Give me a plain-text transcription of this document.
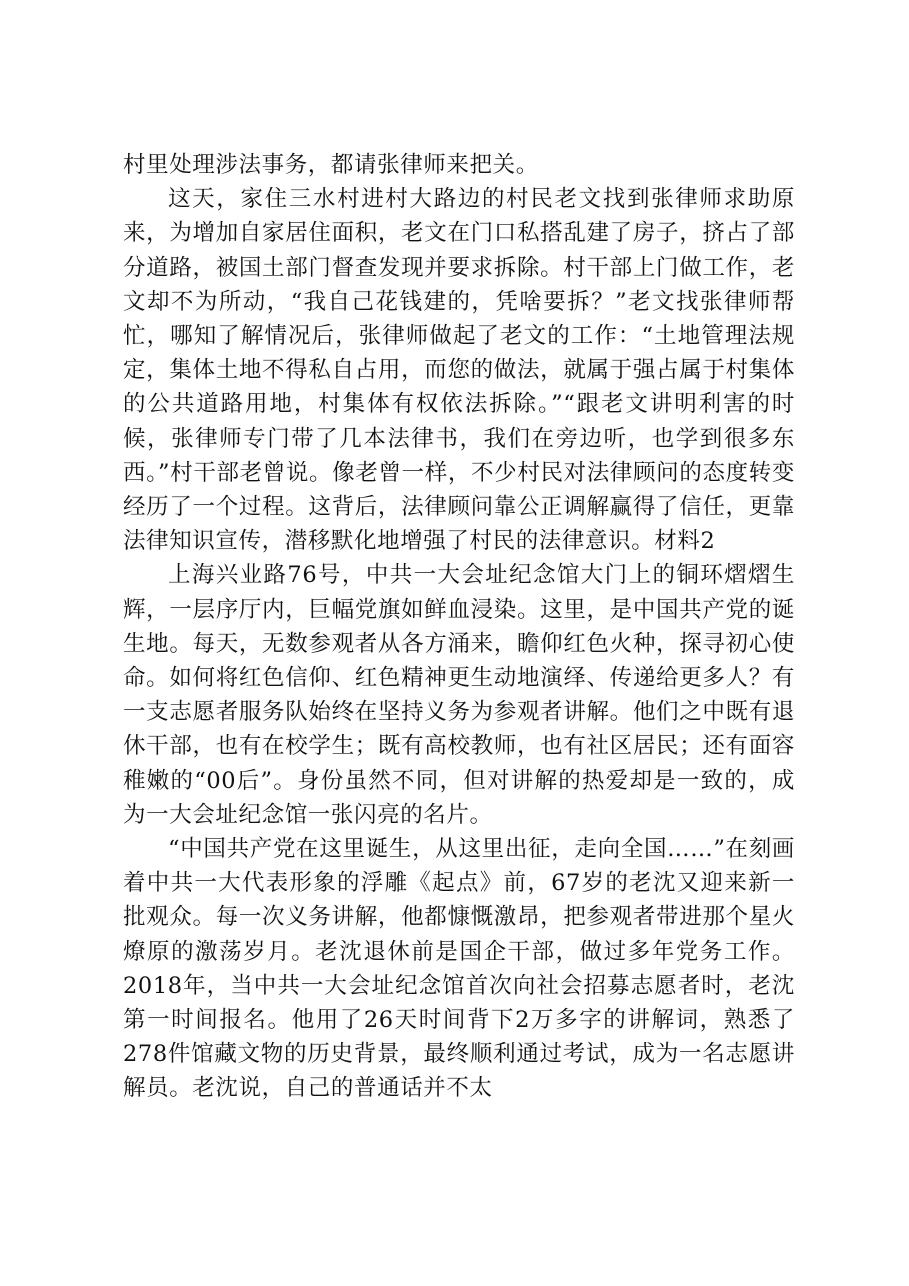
村里处理涉法事务，都请张律师来把关。

这天，家住三水村进村大路边的村民老文找到张律师求助原来，为增加自家居住面积，老文在门口私搭乱建了房子，挤占了部分道路，被国土部门督查发现并要求拆除。村干部上门做工作，老文却不为所动，“我自己花钱建的，凭啥要拆？”老文找张律师帮忙，哪知了解情况后，张律师做起了老文的工作：“土地管理法规定，集体土地不得私自占用，而您的做法，就属于强占属于村集体的公共道路用地，村集体有权依法拆除。”“跟老文讲明利害的时候，张律师专门带了几本法律书，我们在旁边听，也学到很多东西。”村干部老曾说。像老曾一样，不少村民对法律顾问的态度转变经历了一个过程。这背后，法律顾问靠公正调解赢得了信任，更靠法律知识宣传，潜移默化地增强了村民的法律意识。材料2

上海兴业路76号，中共一大会址纪念馆大门上的铜环熠熠生辉，一层序厅内，巨幅党旗如鲜血浸染。这里，是中国共产党的诞生地。每天，无数参观者从各方涌来，瞻仰红色火种，探寻初心使命。如何将红色信仰、红色精神更生动地演绎、传递给更多人？有一支志愿者服务队始终在坚持义务为参观者讲解。他们之中既有退休干部，也有在校学生；既有高校教师，也有社区居民；还有面容稚嫩的“00后”。身份虽然不同，但对讲解的热爱却是一致的，成为一大会址纪念馆一张闪亮的名片。

“中国共产党在这里诞生，从这里出征，走向全国……”在刻画着中共一大代表形象的浮雕《起点》前，67岁的老沈又迎来新一批观众。每一次义务讲解，他都慷慨激昂，把参观者带进那个星火燎原的激荡岁月。老沈退休前是国企干部，做过多年党务工作。2018年，当中共一大会址纪念馆首次向社会招募志愿者时，老沈第一时间报名。他用了26天时间背下2万多字的讲解词，熟悉了278件馆藏文物的历史背景，最终顺利通过考试，成为一名志愿讲解员。老沈说，自己的普通话并不太
